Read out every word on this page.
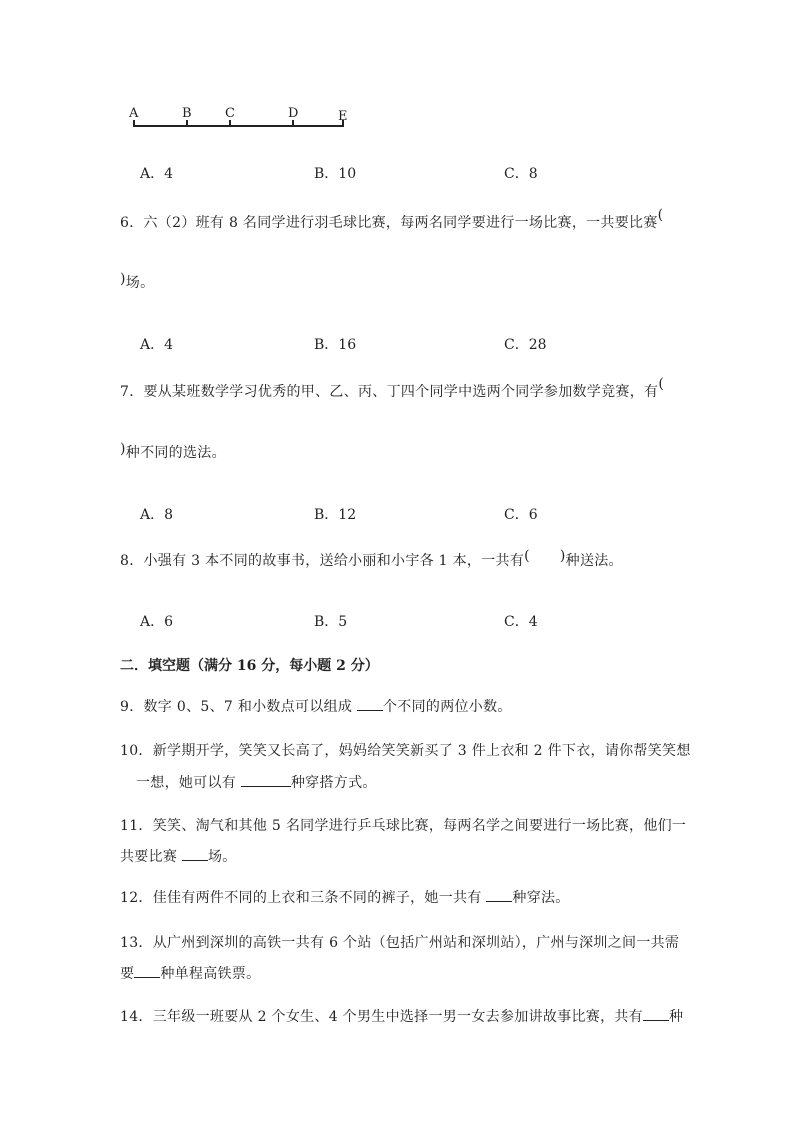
A	B	C	D	E
A．4	B．10	C．8
6．六（2）班有 8 名同学进行羽毛球比赛，每两名同学要进行一场比赛，一共要比赛(
)场。
A．4	B．16	C．28
7．要从某班数学学习优秀的甲、乙、丙、丁四个同学中选两个同学参加数学竞赛，有(
)种不同的选法。
A．8	B．12	C．6
8．小强有 3 本不同的故事书，送给小丽和小宇各 1 本，一共有( )种送法。
A．6	B．5	C．4
二．填空题（满分 16 分，每小题 2 分）
9．数字 0、5、7 和小数点可以组成 个不同的两位小数。
10．新学期开学，笑笑又长高了，妈妈给笑笑新买了 3 件上衣和 2 件下衣，请你帮笑笑想
一想，她可以有	种穿搭方式。
11．笑笑、淘气和其他 5 名同学进行乒乓球比赛，每两名学之间要进行一场比赛，他们一
共要比赛 场。
12．佳佳有两件不同的上衣和三条不同的裤子，她一共有 种穿法。
13．从广州到深圳的高铁一共有 6 个站（包括广州站和深圳站），广州与深圳之间一共需
要 种单程高铁票。
14．三年级一班要从 2 个女生、4 个男生中选择一男一女去参加讲故事比赛，共有 种
